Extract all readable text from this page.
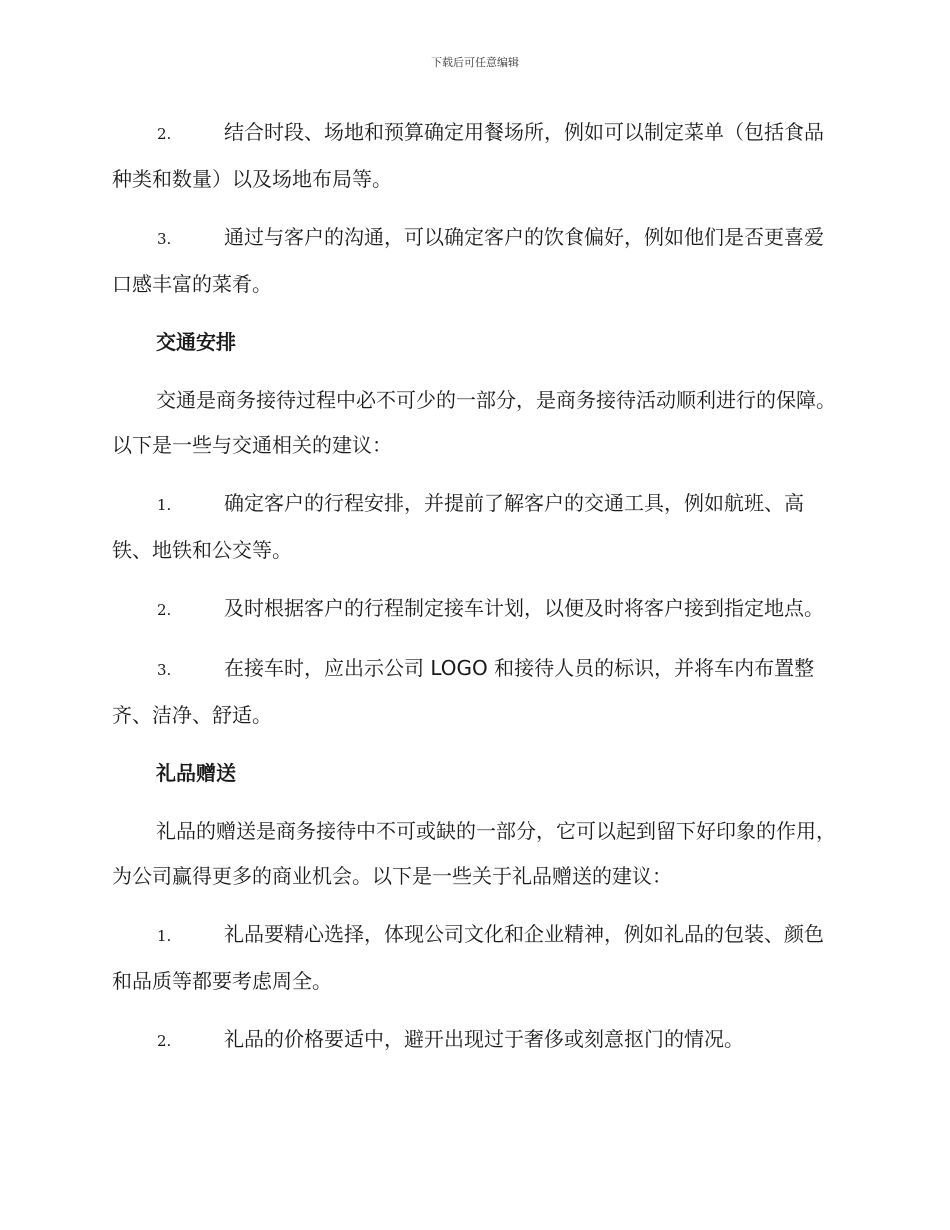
下载后可任意编辑
2.	结合时段、场地和预算确定用餐场所，例如可以制定菜单（包括食品种类和数量）以及场地布局等。
3.	通过与客户的沟通，可以确定客户的饮食偏好，例如他们是否更喜爱口感丰富的菜肴。
交通安排
交通是商务接待过程中必不可少的一部分，是商务接待活动顺利进行的保障。以下是一些与交通相关的建议：
1.	确定客户的行程安排，并提前了解客户的交通工具，例如航班、高铁、地铁和公交等。
2.	及时根据客户的行程制定接车计划，以便及时将客户接到指定地点。
3.	在接车时，应出示公司 LOGO 和接待人员的标识，并将车内布置整齐、洁净、舒适。
礼品赠送
礼品的赠送是商务接待中不可或缺的一部分，它可以起到留下好印象的作用，为公司赢得更多的商业机会。以下是一些关于礼品赠送的建议：
1.	礼品要精心选择，体现公司文化和企业精神，例如礼品的包装、颜色和品质等都要考虑周全。
2.	礼品的价格要适中，避开出现过于奢侈或刻意抠门的情况。
